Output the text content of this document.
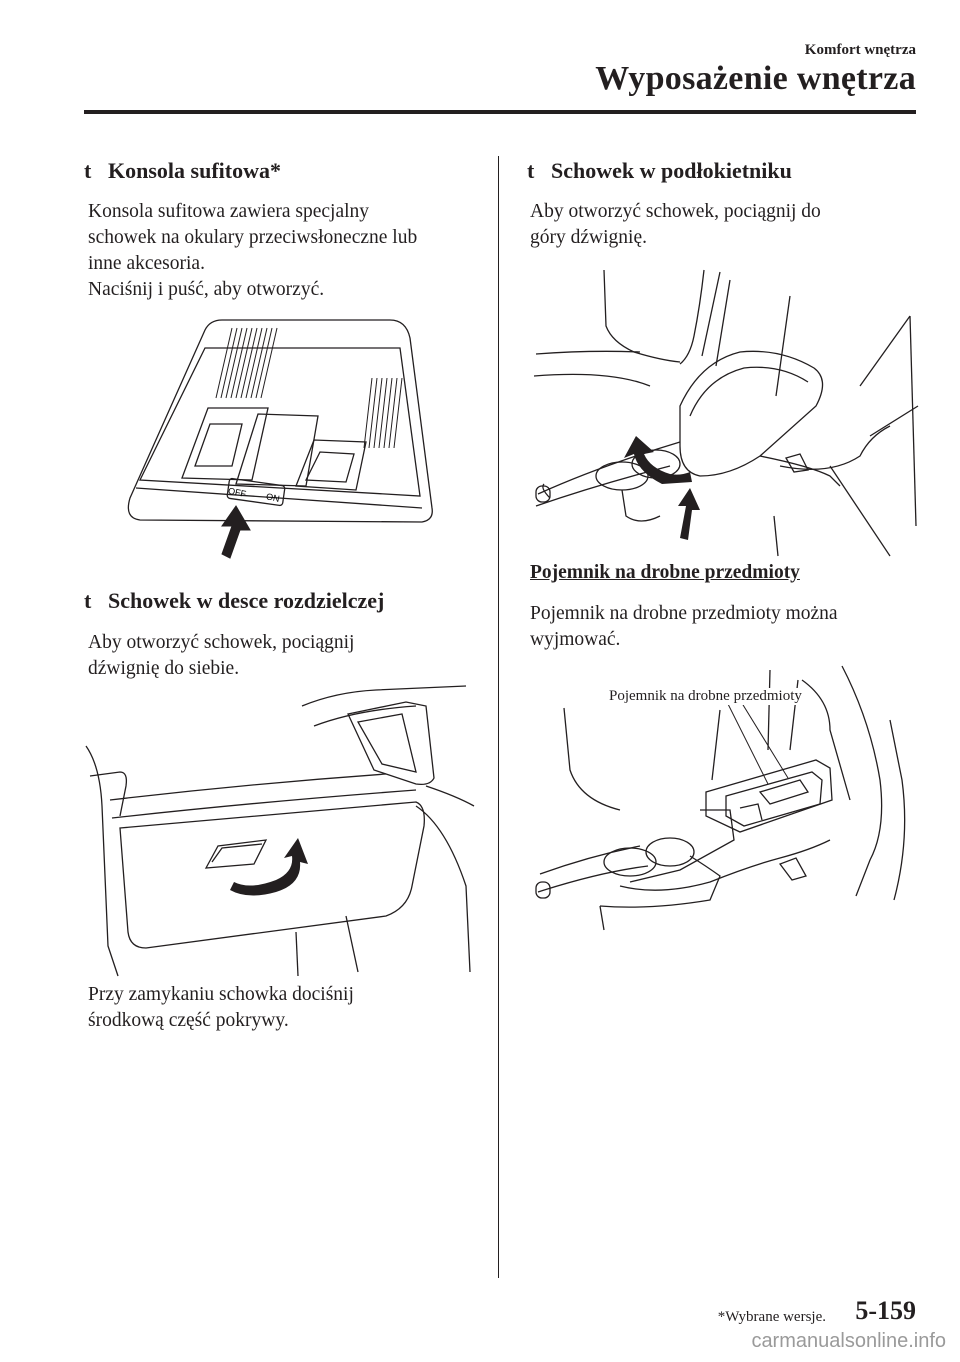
Komfort wnętrza
Wyposażenie wnętrza
t Konsola sufitowa*
Konsola sufitowa zawiera specjalny
schowek na okulary przeciwsłoneczne lub
inne akcesoria.
Naciśnij i puść, aby otworzyć.
OFF ON
t Schowek w desce rozdzielczej
Aby otworzyć schowek, pociągnij
dźwignię do siebie.
Przy zamykaniu schowka dociśnij
środkową część pokrywy.
t Schowek w podłokietniku
Aby otworzyć schowek, pociągnij do
góry dźwignię.
Pojemnik na drobne przedmioty
Pojemnik na drobne przedmioty można
wyjmować.
Pojemnik na drobne przedmioty
*Wybrane wersje. 5-159
carmanualsonline.info
